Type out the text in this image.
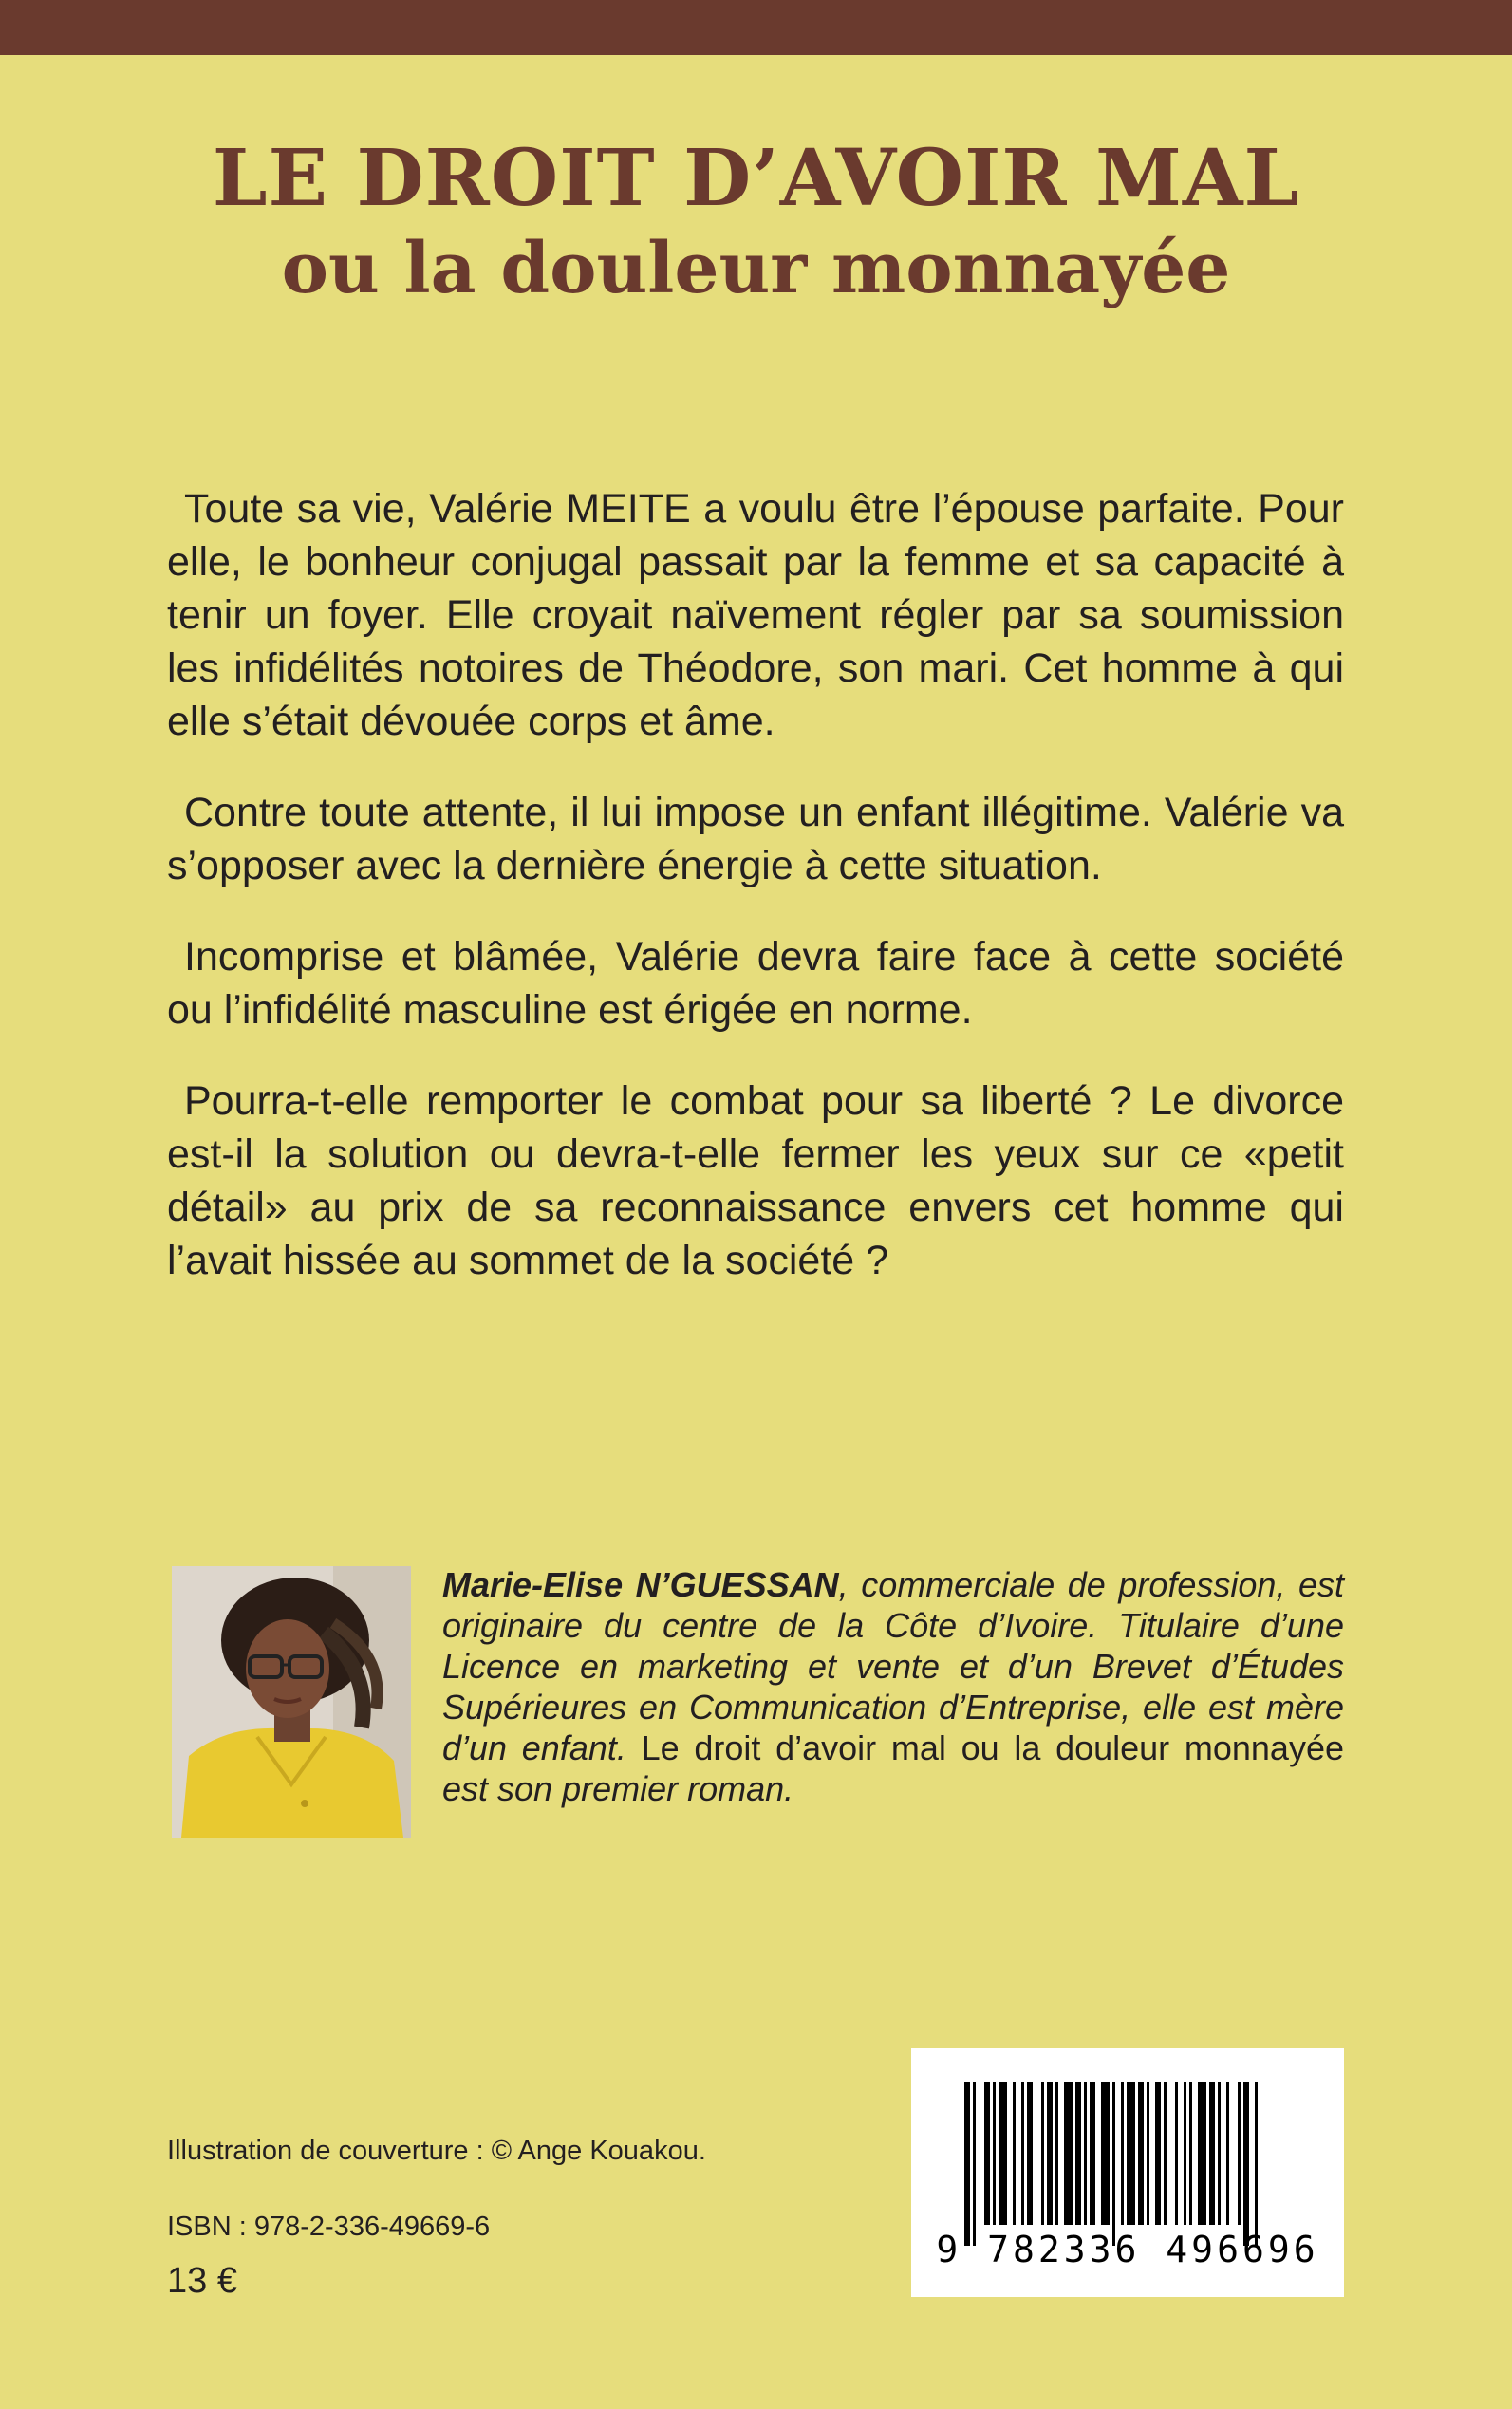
LE DROIT D’AVOIR MAL
ou la douleur monnayée

Toute sa vie, Valérie MEITE a voulu être l’épouse parfaite. Pour elle, le bonheur conjugal passait par la femme et sa capacité à tenir un foyer. Elle croyait naïvement régler par sa soumission les infidélités notoires de Théodore, son mari. Cet homme à qui elle s’était dévouée corps et âme.

Contre toute attente, il lui impose un enfant illégitime. Valérie va s’opposer avec la dernière énergie à cette situation.

Incomprise et blâmée, Valérie devra faire face à cette société ou l’infidélité masculine est érigée en norme.

Pourra-t-elle remporter le combat pour sa liberté ? Le divorce est-il la solution ou devra-t-elle fermer les yeux sur ce «petit détail» au prix de sa reconnaissance envers cet homme qui l’avait hissée au sommet de la société ?

Marie-Elise N’GUESSAN, commerciale de profession, est originaire du centre de la Côte d’Ivoire. Titulaire d’une Licence en marketing et vente et d’un Brevet d’Études Supérieures en Communication d’Entreprise, elle est mère d’un enfant. Le droit d’avoir mal ou la douleur monnayée est son premier roman.
Illustration de couverture : © Ange Kouakou.
ISBN : 978-2-336-49669-6
13 €
9 782336 496696
